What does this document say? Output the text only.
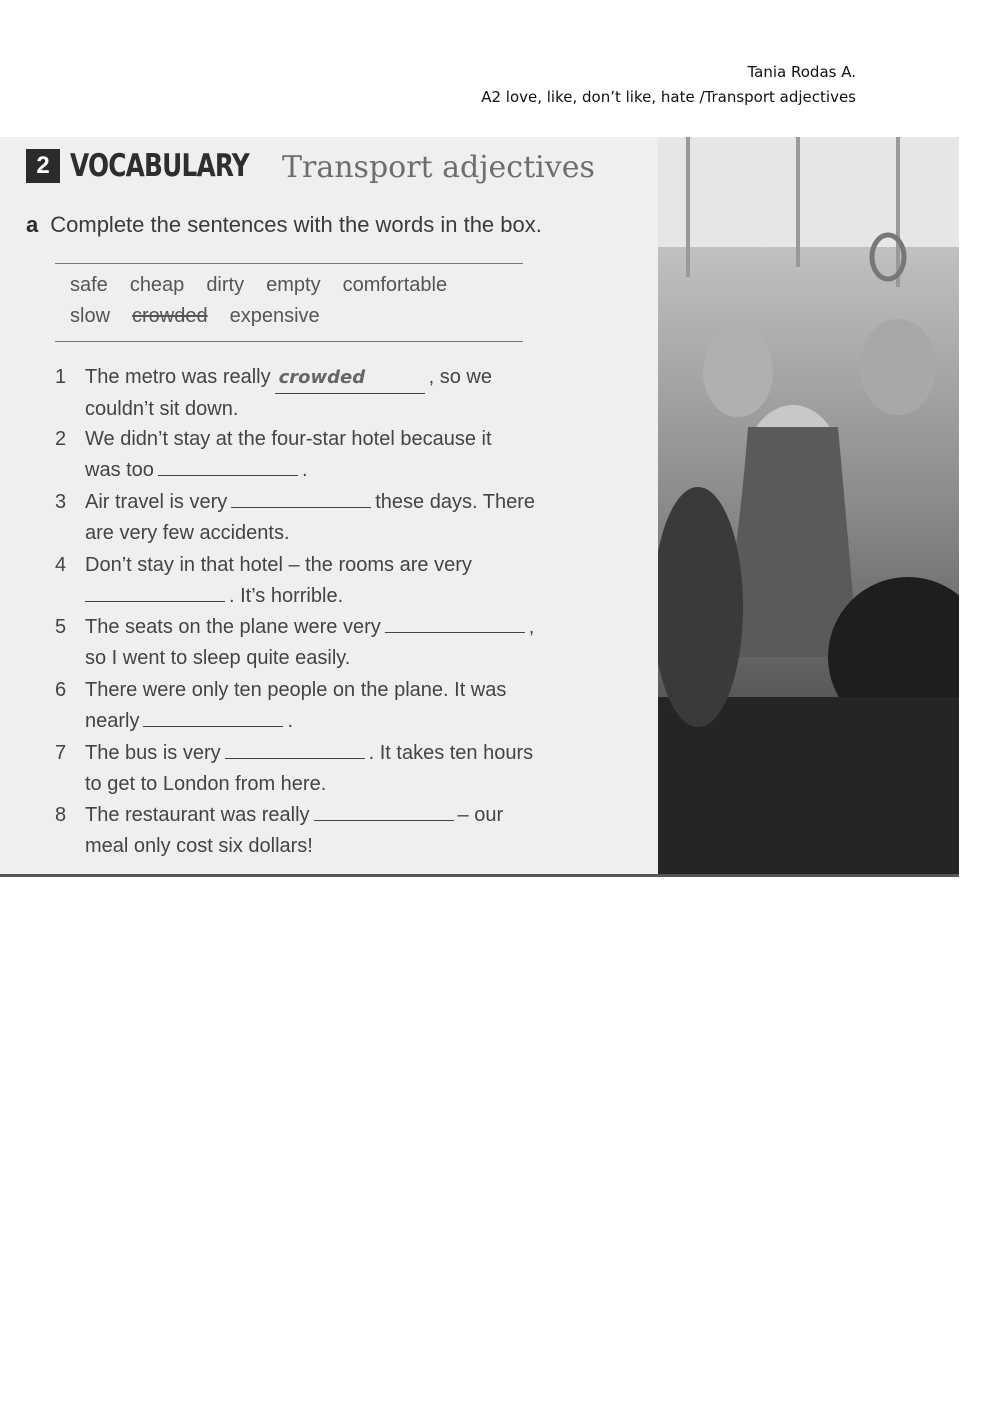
Tania Rodas A.
A2 love, like, don’t like, hate /Transport adjectives
2 VOCABULARY Transport adjectives
a Complete the sentences with the words in the box.
safe cheap dirty empty comfortable
slow crowded expensive
1 The metro was really crowded	, so we
couldn’t sit down.
2 We didn’t stay at the four-star hotel because it
was too	.
3 Air travel is very	these days. There
are very few accidents.
4 Don’t stay in that hotel – the rooms are very
. It’s horrible.
5 The seats on the plane were very	,
so I went to sleep quite easily.
6 There were only ten people on the plane. It was
nearly	.
7 The bus is very	. It takes ten hours
to get to London from here.
8 The restaurant was really	– our
meal only cost six dollars!
